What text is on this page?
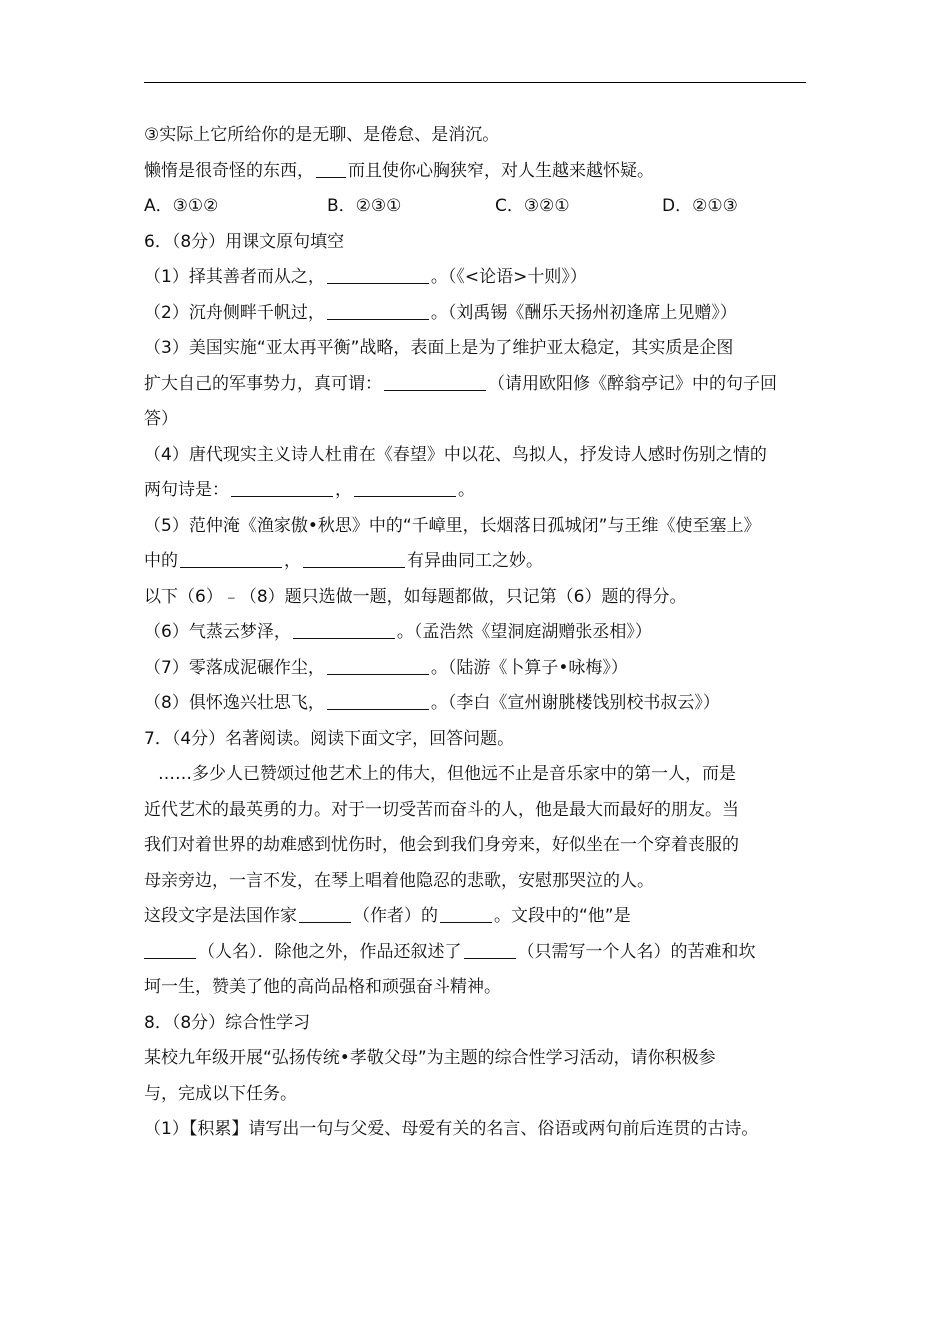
③实际上它所给你的是无聊、是倦怠、是消沉。
懒惰是很奇怪的东西， 而且使你心胸狭窄，对人生越来越怀疑。
A．③①②	B．②③①	C．③②①	D．②①③
6．（8分）用课文原句填空
（1）择其善者而从之，	。（《<论语>十则》）
（2）沉舟侧畔千帆过，	。（刘禹锡《酬乐天扬州初逢席上见赠》）
（3）美国实施“亚太再平衡”战略，表面上是为了维护亚太稳定，其实质是企图
扩大自己的军事势力，真可谓：	（请用欧阳修《醉翁亭记》中的句子回
答）
（4）唐代现实主义诗人杜甫在《春望》中以花、鸟拟人，抒发诗人感时伤别之情的
两句诗是：	，	。
（5）范仲淹《渔家傲•秋思》中的“千嶂里，长烟落日孤城闭”与王维《使至塞上》
中的	，	有异曲同工之妙。
以下（6）﹣（8）题只选做一题，如每题都做，只记第（6）题的得分。
（6）气蒸云梦泽，	。（孟浩然《望洞庭湖赠张丞相》）
（7）零落成泥碾作尘，	。（陆游《卜算子•咏梅》）
（8）俱怀逸兴壮思飞，	。（李白《宣州谢朓楼饯别校书叔云》）
7．（4分）名著阅读。阅读下面文字，回答问题。
……多少人已赞颂过他艺术上的伟大，但他远不止是音乐家中的第一人，而是
近代艺术的最英勇的力。对于一切受苦而奋斗的人，他是最大而最好的朋友。当
我们对着世界的劫难感到忧伤时，他会到我们身旁来，好似坐在一个穿着丧服的
母亲旁边，一言不发，在琴上唱着他隐忍的悲歌，安慰那哭泣的人。
这段文字是法国作家	（作者）的	。文段中的“他”是
（人名）．除他之外，作品还叙述了	（只需写一个人名）的苦难和坎
坷一生，赞美了他的高尚品格和顽强奋斗精神。
8．（8分）综合性学习
某校九年级开展“弘扬传统•孝敬父母”为主题的综合性学习活动，请你积极参
与，完成以下任务。
（1）【积累】请写出一句与父爱、母爱有关的名言、俗语或两句前后连贯的古诗。
